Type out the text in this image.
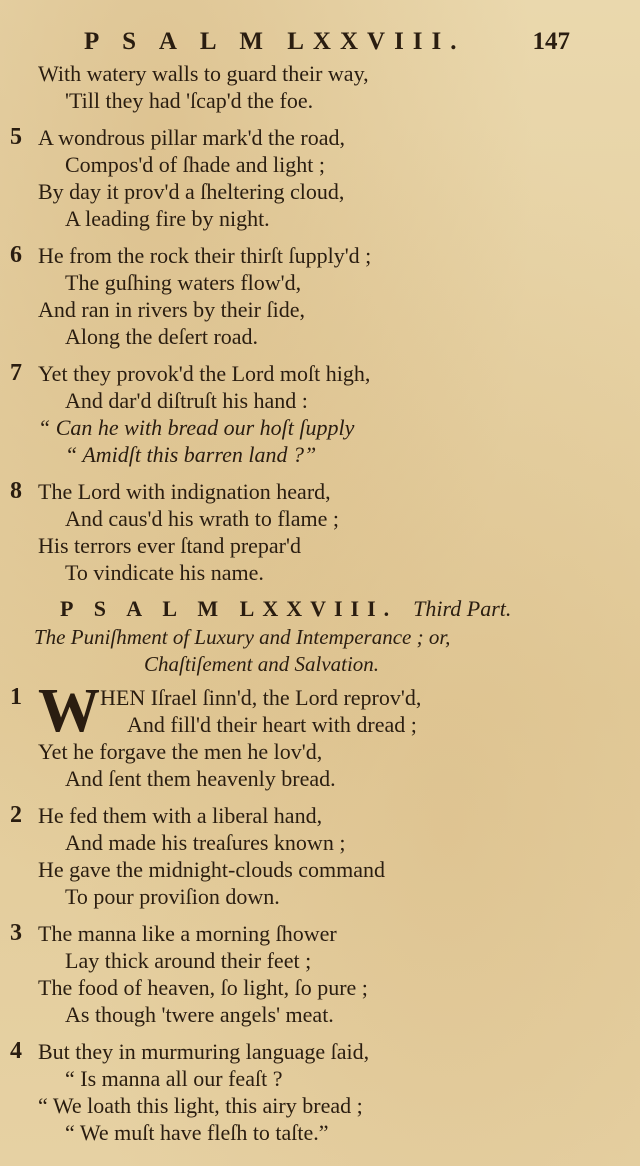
P S A L M LXXVIII.	147
With watery walls to guard their way,
'Till they had 'ſcap'd the foe.
5 A wondrous pillar mark'd the road,
Compos'd of ſhade and light ;
By day it prov'd a ſheltering cloud,
A leading fire by night.
6 He from the rock their thirſt ſupply'd ;
The guſhing waters flow'd,
And ran in rivers by their ſide,
Along the deſert road.
7 Yet they provok'd the Lord moſt high,
And dar'd diſtruſt his hand :
“ Can he with bread our hoſt ſupply
“ Amidſt this barren land ?”
8 The Lord with indignation heard,
And caus'd his wrath to flame ;
His terrors ever ſtand prepar'd
To vindicate his name.
P S A L M LXXVIII. Third Part.
The Puniſhment of Luxury and Intemperance ; or,
Chaſtiſement and Salvation.
1 W HEN Iſrael ſinn'd, the Lord reprov'd,
And fill'd their heart with dread ;
Yet he forgave the men he lov'd,
And ſent them heavenly bread.
2 He fed them with a liberal hand,
And made his treaſures known ;
He gave the midnight-clouds command
To pour proviſion down.
3 The manna like a morning ſhower
Lay thick around their feet ;
The food of heaven, ſo light, ſo pure ;
As though 'twere angels' meat.
4 But they in murmuring language ſaid,
“ Is manna all our feaſt ?
“ We loath this light, this airy bread ;
“ We muſt have fleſh to taſte.”
